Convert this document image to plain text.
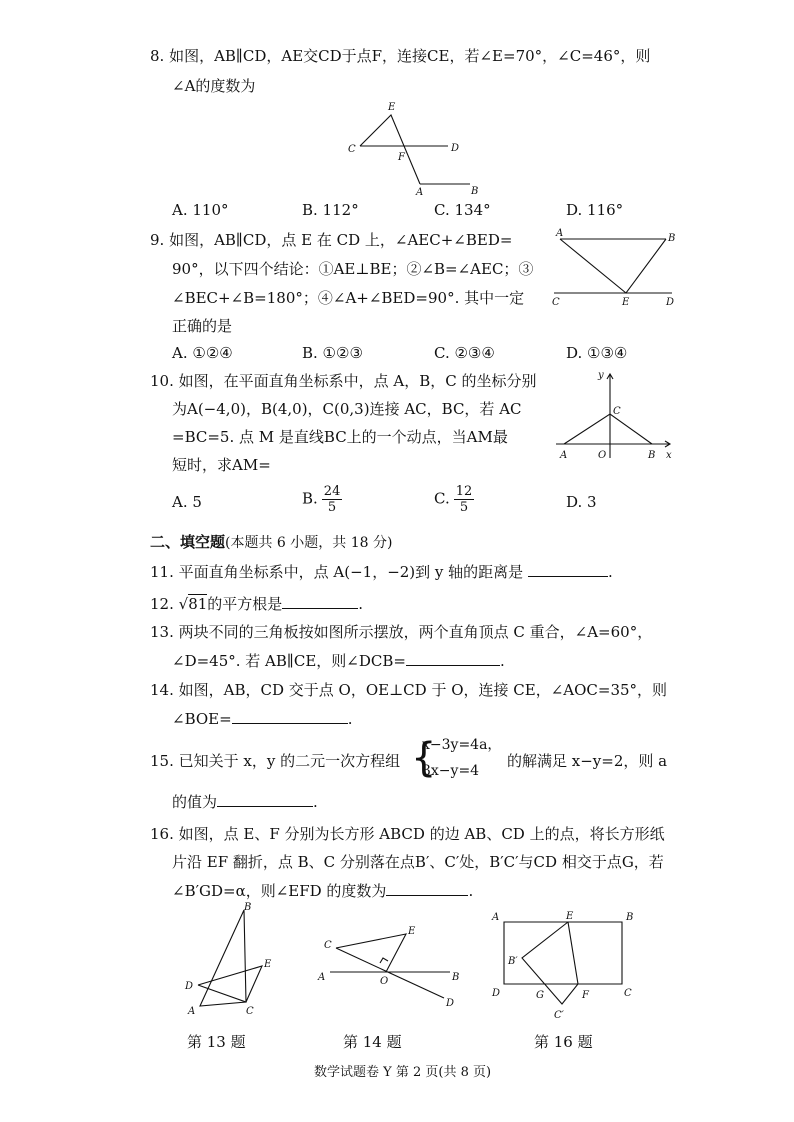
8. 如图，AB∥CD，AE交CD于点F，连接CE，若∠E=70°，∠C=46°，则
∠A的度数为
E
C
F
D
A	B
A. 110°	B. 112°	C. 134°	D. 116°
9. 如图，AB∥CD，点 E 在 CD 上，∠AEC+∠BED=
90°，以下四个结论：①AE⊥BE；②∠B=∠AEC；③
∠BEC+∠B=180°；④∠A+∠BED=90°. 其中一定
正确的是
A	B
C	E	D
A. ①②④	B. ①②③	C. ②③④	D. ①③④
10. 如图，在平面直角坐标系中，点 A，B，C 的坐标分别
为A(−4,0)，B(4,0)，C(0,3)连接 AC，BC，若 AC
=BC=5. 点 M 是直线BC上的一个动点，当AM最
短时，求AM=
y
C
A	O	B x
A. 5	B. $\frac{24}{5}$	C. $\frac{12}{5}$	D. 3
二、填空题(本题共 6 小题，共 18 分)
11. 平面直角坐标系中，点 A(−1，−2)到 y 轴的距离是	.
12. √81的平方根是	.
13. 两块不同的三角板按如图所示摆放，两个直角顶点 C 重合，∠A=60°，
∠D=45°. 若 AB∥CE，则∠DCB=	.
14. 如图，AB，CD 交于点 O，OE⊥CD 于 O，连接 CE，∠AOC=35°，则
∠BOE=	.
15. 已知关于 x，y 的二元一次方程组 {
x−3y=4a，
3x−y=4
的解满足 x−y=2，则 a
的值为	.
16. 如图，点 E、F 分别为长方形 ABCD 的边 AB、CD 上的点，将长方形纸
片沿 EF 翻折，点 B、C 分别落在点B′、C′处，B′C′与CD 相交于点G，若
∠B′GD=α，则∠EFD 的度数为	.
B
E
D
A	C
C
E
A	O	B
D
A	E	B
B′
D	G	F	C
C′
第 13 题	第 14 题	第 16 题
数学试题卷 Y 第 2 页(共 8 页)
